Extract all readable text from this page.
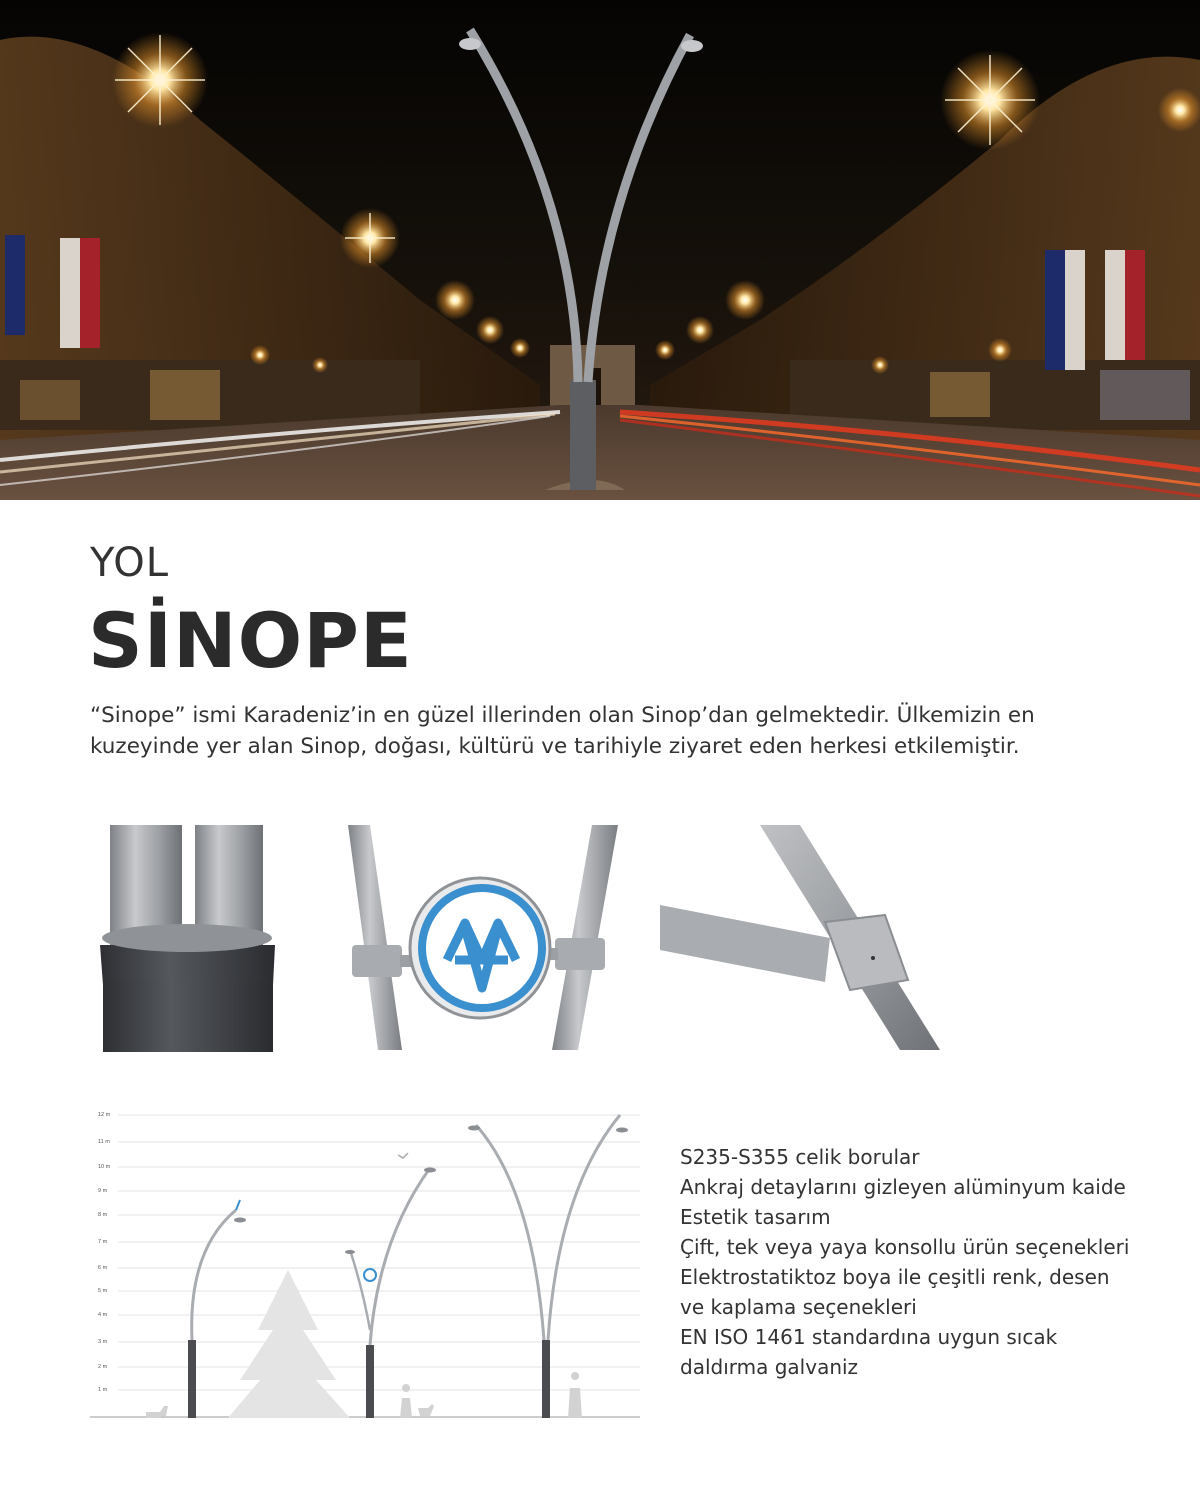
YOL
SİNOPE

“Sinope” ismi Karadeniz’in en güzel illerinden olan Sinop’dan gelmektedir. Ülkemizin en kuzeyinde yer alan Sinop, doğası, kültürü ve tarihiyle ziyaret eden herkesi etkilemiştir.

1 m
2 m
3 m
4 m
5 m
6 m
7 m
8 m
9 m
10 m
11 m
12 m
S235-S355 celik borular
Ankraj detaylarını gizleyen alüminyum kaide
Estetik tasarım
Çift, tek veya yaya konsollu ürün seçenekleri
Elektrostatiktoz boya ile çeşitli renk, desen
ve kaplama seçenekleri
EN ISO 1461 standardına uygun sıcak
daldırma galvaniz
